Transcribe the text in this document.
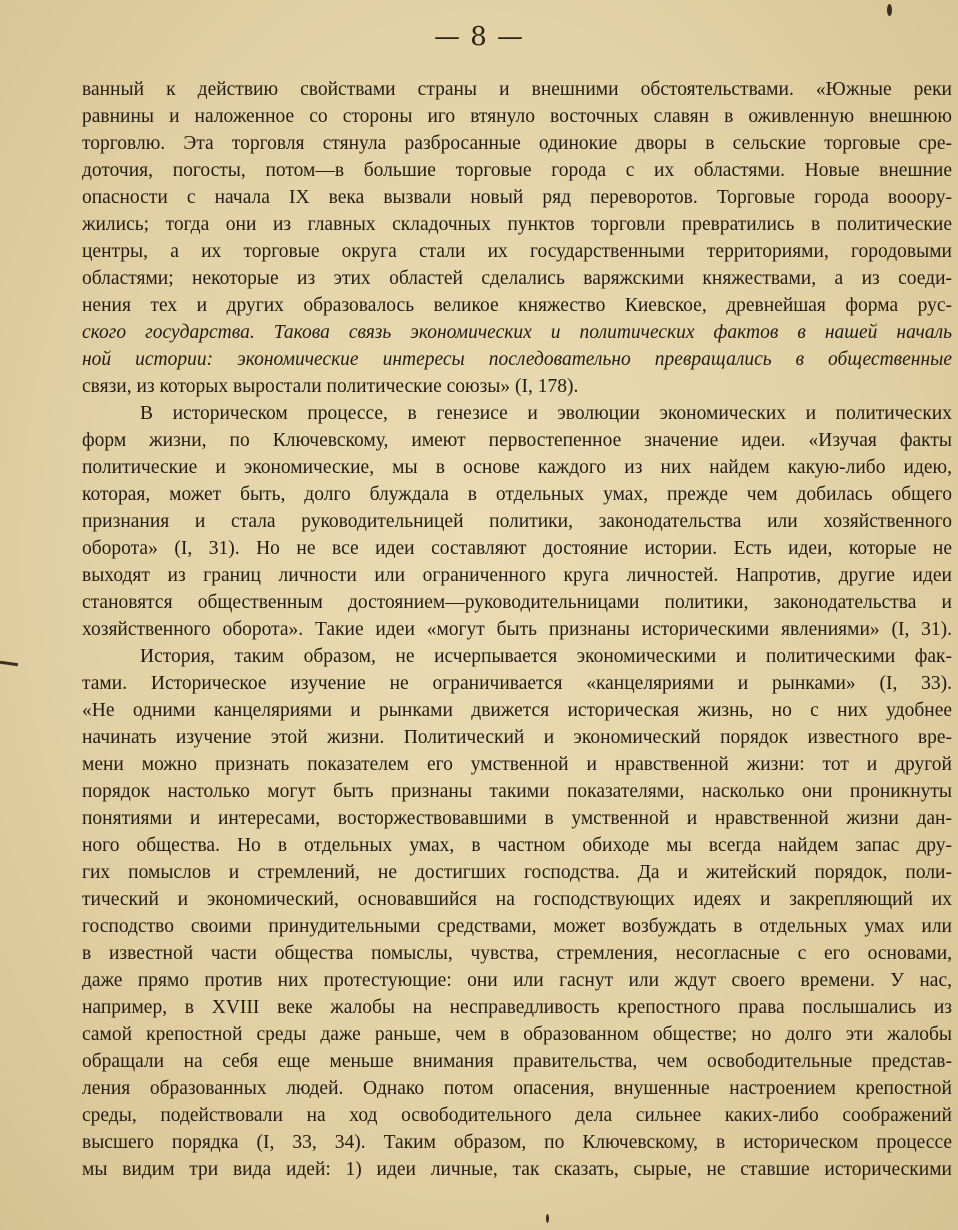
— 8 —
ванный к действию свойствами страны и внешними обстоятельствами. «Южные реки
равнины и наложенное со стороны иго втянуло восточных славян в оживленную внешнюю
торговлю. Эта торговля стянула разбросанные одинокие дворы в сельские торговые сре-
доточия, погосты, потом—в большие торговые города с их областями. Новые внешние
опасности с начала IX века вызвали новый ряд переворотов. Торговые города вооору-
жились; тогда они из главных складочных пунктов торговли превратились в политические
центры, а их торговые округа стали их государственными территориями, городовыми
областями; некоторые из этих областей сделались варяжскими княжествами, а из соеди-
нения тех и других образовалось великое княжество Киевское, древнейшая форма рус-
ского государства. Такова связь экономических и политических фактов в нашей началь
ной истории: экономические интересы последовательно превращались в общественные
связи, из которых выростали политические союзы» (I, 178).
В историческом процессе, в генезисе и эволюции экономических и политических
форм жизни, по Ключевскому, имеют первостепенное значение идеи. «Изучая факты
политические и экономические, мы в основе каждого из них найдем какую-либо идею,
которая, может быть, долго блуждала в отдельных умах, прежде чем добилась общего
признания и стала руководительницей политики, законодательства или хозяйственного
оборота» (I, 31). Но не все идеи составляют достояние истории. Есть идеи, которые не
выходят из границ личности или ограниченного круга личностей. Напротив, другие идеи
становятся общественным достоянием—руководительницами политики, законодательства и
хозяйственного оборота». Такие идеи «могут быть признаны историческими явлениями» (I, 31).
История, таким образом, не исчерпывается экономическими и политическими фак-
тами. Историческое изучение не ограничивается «канцеляриями и рынками» (I, 33).
«Не одними канцеляриями и рынками движется историческая жизнь, но с них удобнее
начинать изучение этой жизни. Политический и экономический порядок известного вре-
мени можно признать показателем его умственной и нравственной жизни: тот и другой
порядок настолько могут быть признаны такими показателями, насколько они проникнуты
понятиями и интересами, восторжествовавшими в умственной и нравственной жизни дан-
ного общества. Но в отдельных умах, в частном обиходе мы всегда найдем запас дру-
гих помыслов и стремлений, не достигших господства. Да и житейский порядок, поли-
тический и экономический, основавшийся на господствующих идеях и закрепляющий их
господство своими принудительными средствами, может возбуждать в отдельных умах или
в известной части общества помыслы, чувства, стремления, несогласные с его основами,
даже прямо против них протестующие: они или гаснут или ждут своего времени. У нас,
например, в XVIII веке жалобы на несправедливость крепостного права послышались из
самой крепостной среды даже раньше, чем в образованном обществе; но долго эти жалобы
обращали на себя еще меньше внимания правительства, чем освободительные представ-
ления образованных людей. Однако потом опасения, внушенные настроением крепостной
среды, подействовали на ход освободительного дела сильнее каких-либо соображений
высшего порядка (I, 33, 34). Таким образом, по Ключевскому, в историческом процессе
мы видим три вида идей: 1) идеи личные, так сказать, сырые, не ставшие историческими
